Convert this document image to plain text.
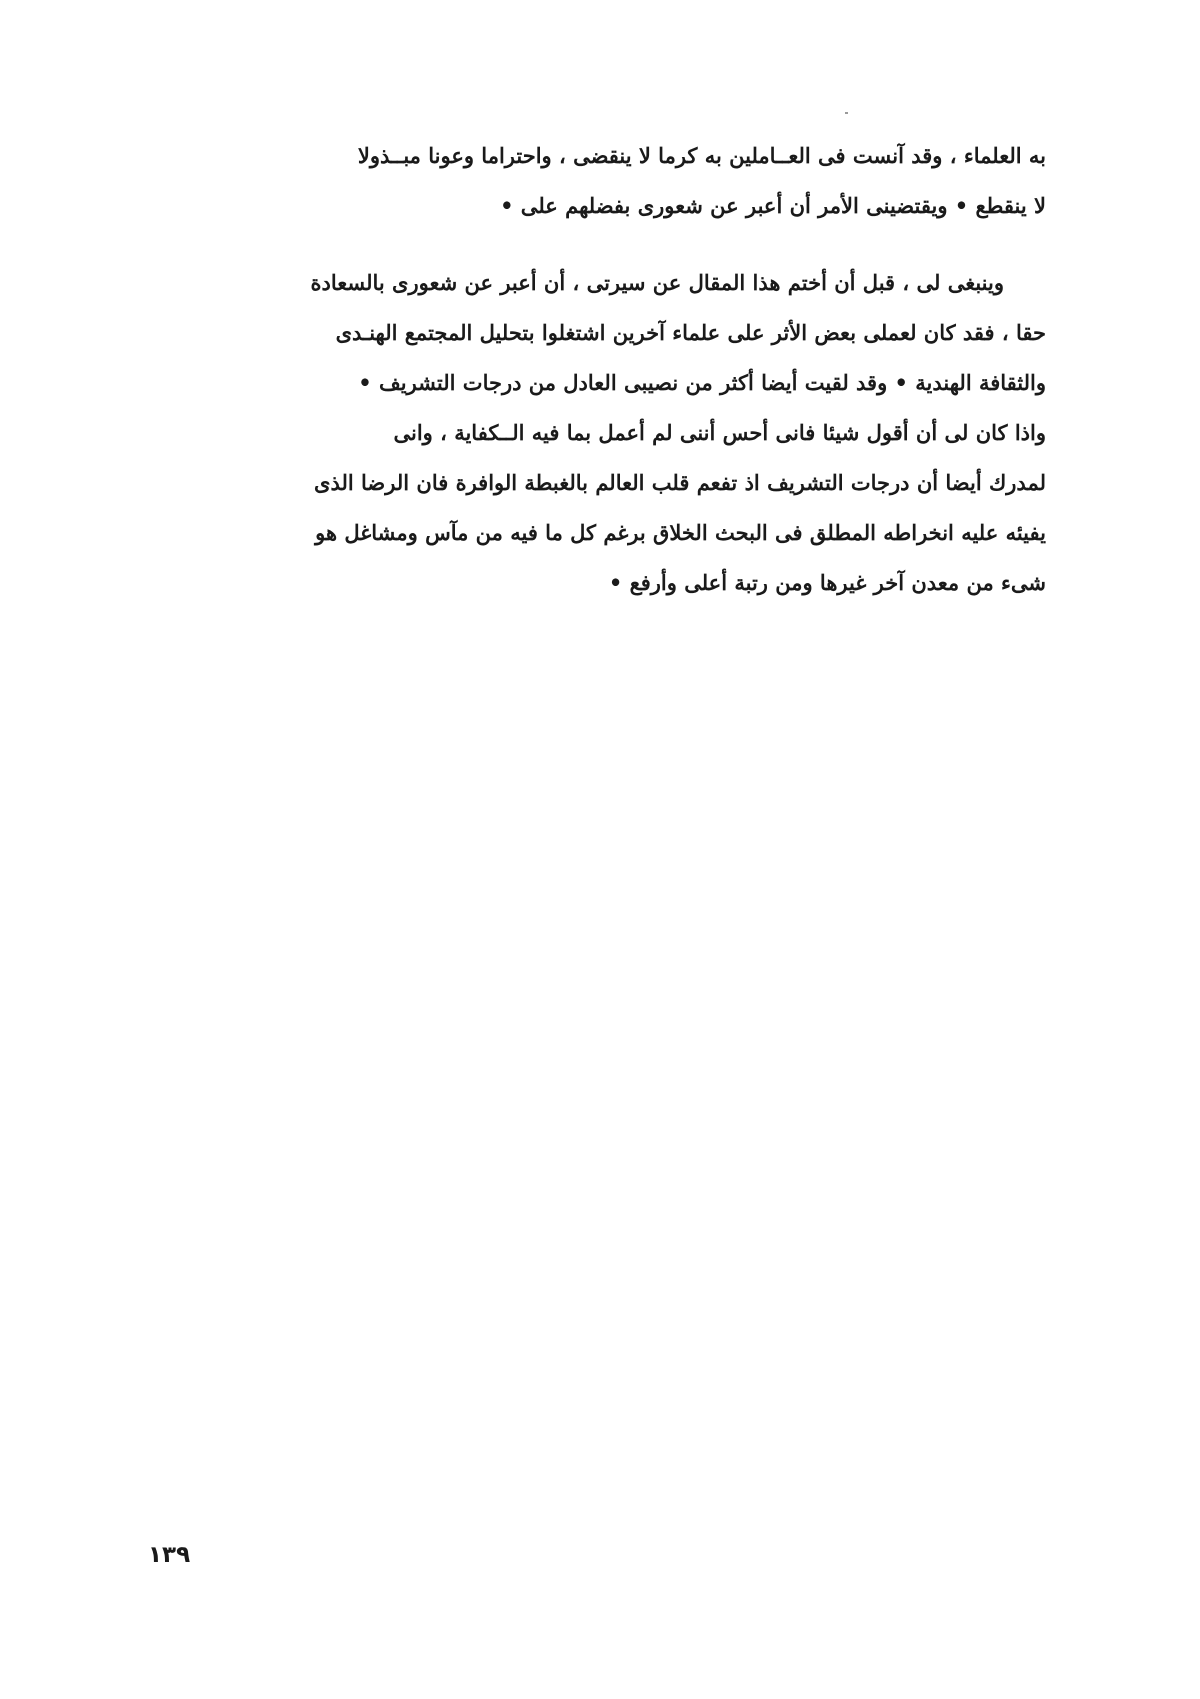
به العلماء ، وقد آنست فى العــاملين به كرما لا ينقضى ، واحتراما وعونا مبــذولا
لا ينقطع • ويقتضينى الأمر أن أعبر عن شعورى بفضلهم على •
وينبغى لى ، قبل أن أختم هذا المقال عن سيرتى ، أن أعبر عن شعورى بالسعادة
حقا ، فقد كان لعملى بعض الأثر على علماء آخرين اشتغلوا بتحليل المجتمع الهنـدى
والثقافة الهندية • وقد لقيت أيضا أكثر من نصيبى العادل من درجات التشريف •
واذا كان لى أن أقول شيئا فانى أحس أننى لم أعمل بما فيه الــكفاية ، وانى
لمدرك أيضا أن درجات التشريف اذ تفعم قلب العالم بالغبطة الوافرة فان الرضا الذى
يفيئه عليه انخراطه المطلق فى البحث الخلاق برغم كل ما فيه من مآس ومشاغل هو
شىء من معدن آخر غيرها ومن رتبة أعلى وأرفع •
١٣٩
